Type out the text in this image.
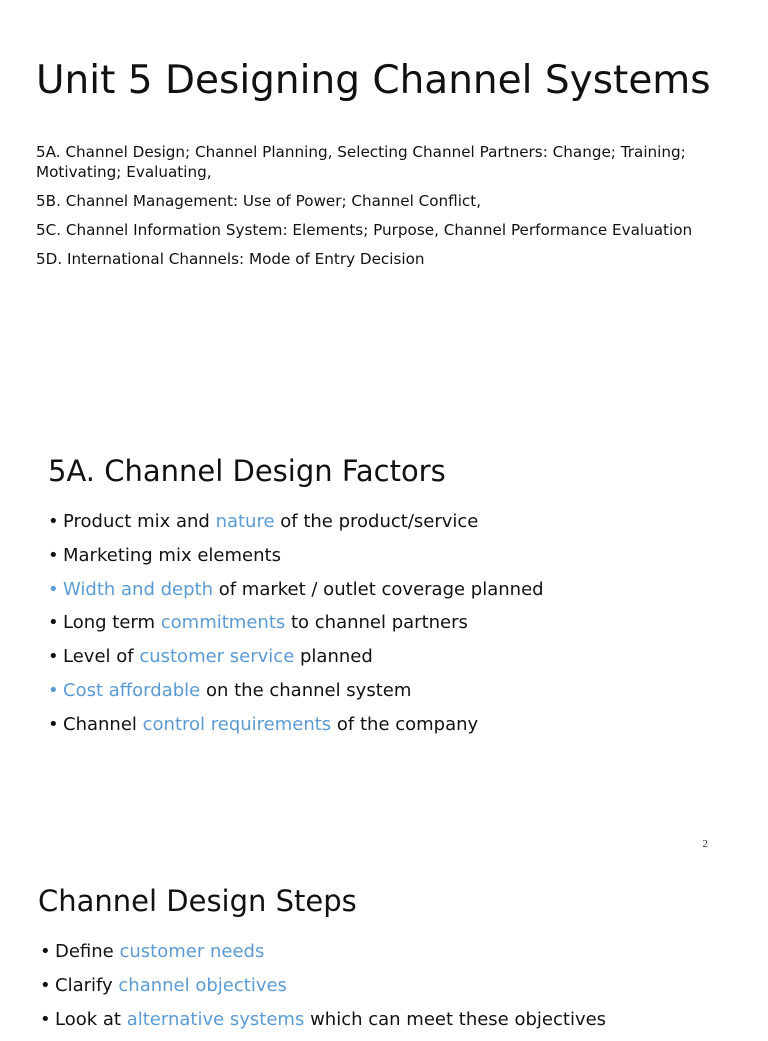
Unit 5 Designing Channel Systems
5A. Channel Design; Channel Planning, Selecting Channel Partners: Change; Training; Motivating; Evaluating,
5B. Channel Management: Use of Power; Channel Conflict,
5C. Channel Information System: Elements; Purpose, Channel Performance Evaluation
5D. International Channels: Mode of Entry Decision
5A. Channel Design Factors
• Product mix and nature of the product/service
• Marketing mix elements
• Width and depth of market / outlet coverage planned
• Long term commitments to channel partners
• Level of customer service planned
• Cost affordable on the channel system
• Channel control requirements of the company
2
Channel Design Steps
• Define customer needs
• Clarify channel objectives
• Look at alternative systems which can meet these objectives
